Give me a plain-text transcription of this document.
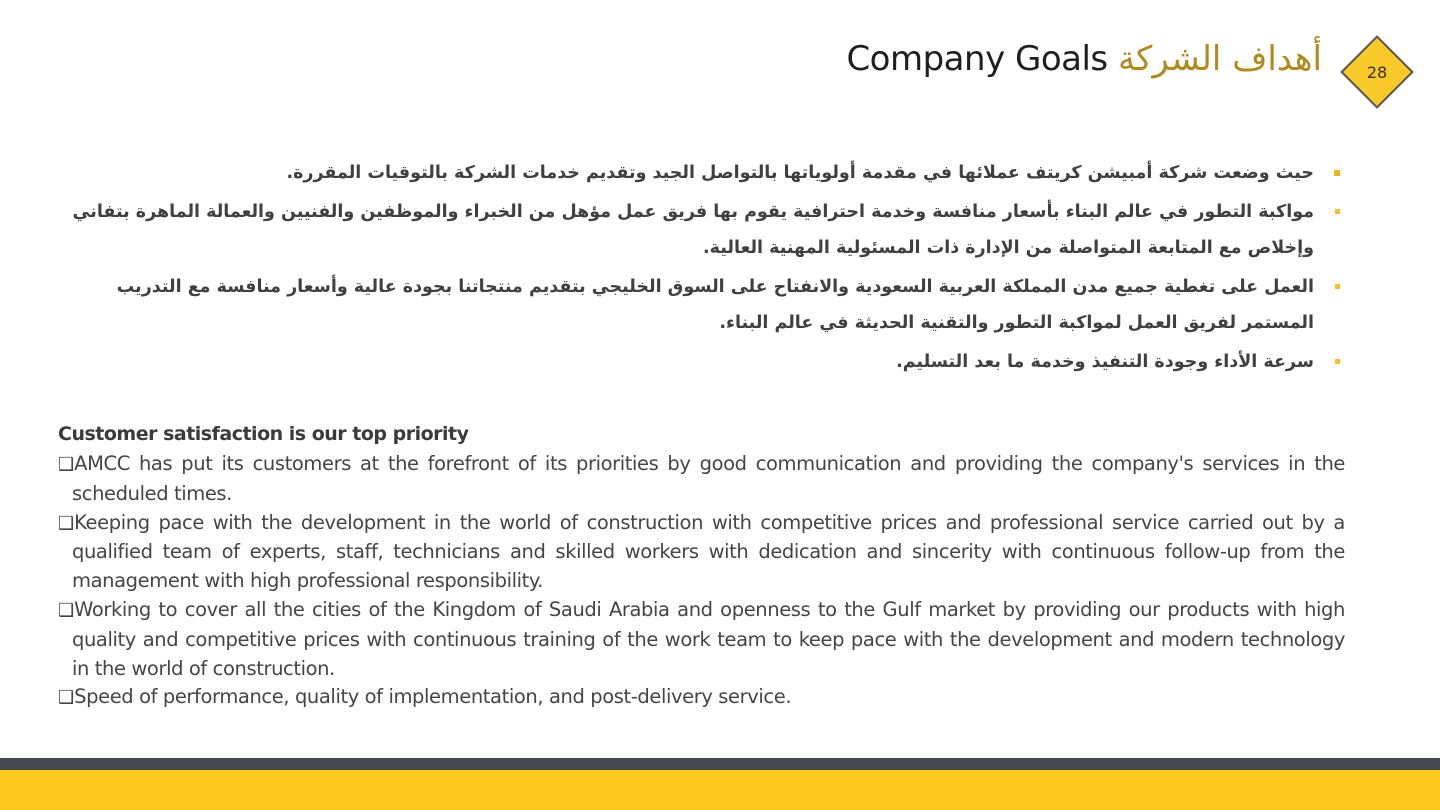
Company Goals أهداف الشركة	28
حيث وضعت شركة أمبيشن كريتف عملائها في مقدمة أولوياتها بالتواصل الجيد وتقديم خدمات الشركة بالتوقيات المقررة.
مواكبة التطور في عالم البناء بأسعار منافسة وخدمة احترافية يقوم بها فريق عمل مؤهل من الخبراء والموظفين والفنيين والعمالة الماهرة بتفاني وإخلاص مع المتابعة المتواصلة من الإدارة ذات المسئولية المهنية العالية.
العمل على تغطية جميع مدن المملكة العربية السعودية والانفتاح على السوق الخليجي بتقديم منتجاتنا بجودة عالية وأسعار منافسة مع التدريب المستمر لفريق العمل لمواكبة التطور والتقنية الحديثة في عالم البناء.
سرعة الأداء وجودة التنفيذ وخدمة ما بعد التسليم.
Customer satisfaction is our top priority
❑AMCC has put its customers at the forefront of its priorities by good communication and providing the company's services in the scheduled times.
❑Keeping pace with the development in the world of construction with competitive prices and professional service carried out by a qualified team of experts, staff, technicians and skilled workers with dedication and sincerity with continuous follow-up from the management with high professional responsibility.
❑Working to cover all the cities of the Kingdom of Saudi Arabia and openness to the Gulf market by providing our products with high quality and competitive prices with continuous training of the work team to keep pace with the development and modern technology in the world of construction.
❑Speed of performance, quality of implementation, and post-delivery service.
